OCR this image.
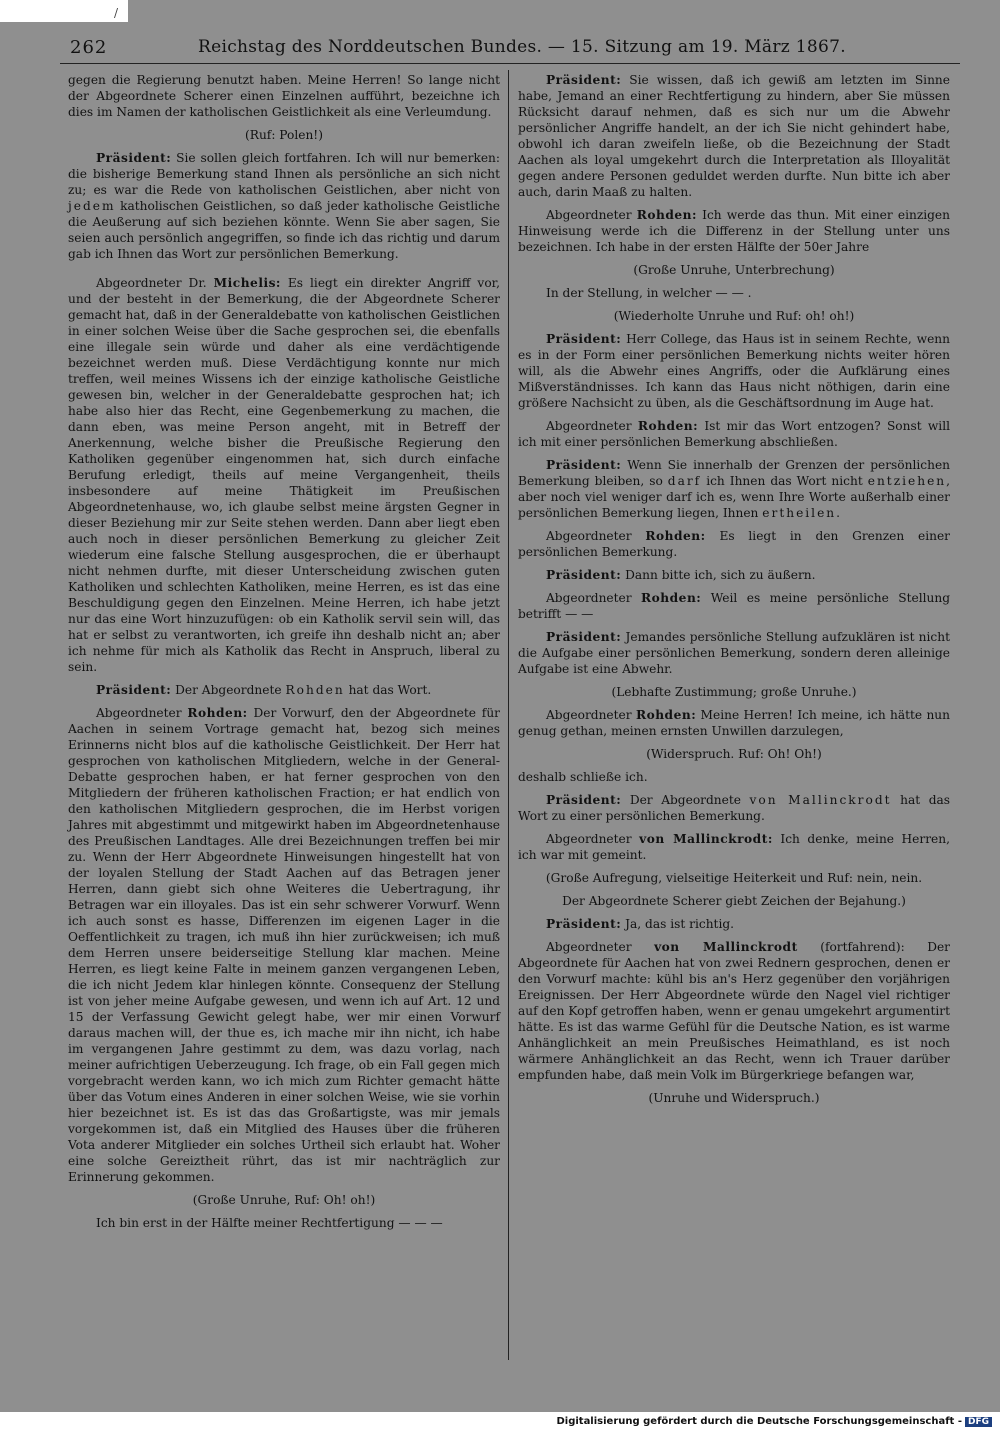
/
262	Reichstag des Norddeutschen Bundes. — 15. Sitzung am 19. März 1867.

gegen die Regierung benutzt haben. Meine Herren! So lange nicht der Abgeordnete Scherer einen Einzelnen aufführt, bezeichne ich dies im Namen der katholischen Geistlichkeit als eine Verleumdung.

(Ruf: Polen!)

Präsident: Sie sollen gleich fortfahren. Ich will nur bemerken: die bisherige Bemerkung stand Ihnen als persönliche an sich nicht zu; es war die Rede von katholischen Geistlichen, aber nicht von jedem katholischen Geistlichen, so daß jeder katholische Geistliche die Aeußerung auf sich beziehen könnte. Wenn Sie aber sagen, Sie seien auch persönlich angegriffen, so finde ich das richtig und darum gab ich Ihnen das Wort zur persönlichen Bemerkung.

Abgeordneter Dr. Michelis: Es liegt ein direkter Angriff vor, und der besteht in der Bemerkung, die der Abgeordnete Scherer gemacht hat, daß in der Generaldebatte von katholischen Geistlichen in einer solchen Weise über die Sache gesprochen sei, die ebenfalls eine illegale sein würde und daher als eine verdächtigende bezeichnet werden muß. Diese Verdächtigung konnte nur mich treffen, weil meines Wissens ich der einzige katholische Geistliche gewesen bin, welcher in der Generaldebatte gesprochen hat; ich habe also hier das Recht, eine Gegenbemerkung zu machen, die dann eben, was meine Person angeht, mit in Betreff der Anerkennung, welche bisher die Preußische Regierung den Katholiken gegenüber eingenommen hat, sich durch einfache Berufung erledigt, theils auf meine Vergangenheit, theils insbesondere auf meine Thätigkeit im Preußischen Abgeordnetenhause, wo, ich glaube selbst meine ärgsten Gegner in dieser Beziehung mir zur Seite stehen werden. Dann aber liegt eben auch noch in dieser persönlichen Bemerkung zu gleicher Zeit wiederum eine falsche Stellung ausgesprochen, die er überhaupt nicht nehmen durfte, mit dieser Unterscheidung zwischen guten Katholiken und schlechten Katholiken, meine Herren, es ist das eine Beschuldigung gegen den Einzelnen. Meine Herren, ich habe jetzt nur das eine Wort hinzuzufügen: ob ein Katholik servil sein will, das hat er selbst zu verantworten, ich greife ihn deshalb nicht an; aber ich nehme für mich als Katholik das Recht in Anspruch, liberal zu sein.

Präsident: Der Abgeordnete Rohden hat das Wort.

Abgeordneter Rohden: Der Vorwurf, den der Abgeordnete für Aachen in seinem Vortrage gemacht hat, bezog sich meines Erinnerns nicht blos auf die katholische Geistlichkeit. Der Herr hat gesprochen von katholischen Mitgliedern, welche in der General-Debatte gesprochen haben, er hat ferner gesprochen von den Mitgliedern der früheren katholischen Fraction; er hat endlich von den katholischen Mitgliedern gesprochen, die im Herbst vorigen Jahres mit abgestimmt und mitgewirkt haben im Abgeordnetenhause des Preußischen Landtages. Alle drei Bezeichnungen treffen bei mir zu. Wenn der Herr Abgeordnete Hinweisungen hingestellt hat von der loyalen Stellung der Stadt Aachen auf das Betragen jener Herren, dann giebt sich ohne Weiteres die Uebertragung, ihr Betragen war ein illoyales. Das ist ein sehr schwerer Vorwurf. Wenn ich auch sonst es hasse, Differenzen im eigenen Lager in die Oeffentlichkeit zu tragen, ich muß ihn hier zurückweisen; ich muß dem Herren unsere beiderseitige Stellung klar machen. Meine Herren, es liegt keine Falte in meinem ganzen vergangenen Leben, die ich nicht Jedem klar hinlegen könnte. Consequenz der Stellung ist von jeher meine Aufgabe gewesen, und wenn ich auf Art. 12 und 15 der Verfassung Gewicht gelegt habe, wer mir einen Vorwurf daraus machen will, der thue es, ich mache mir ihn nicht, ich habe im vergangenen Jahre gestimmt zu dem, was dazu vorlag, nach meiner aufrichtigen Ueberzeugung. Ich frage, ob ein Fall gegen mich vorgebracht werden kann, wo ich mich zum Richter gemacht hätte über das Votum eines Anderen in einer solchen Weise, wie sie vorhin hier bezeichnet ist. Es ist das das Großartigste, was mir jemals vorgekommen ist, daß ein Mitglied des Hauses über die früheren Vota anderer Mitglieder ein solches Urtheil sich erlaubt hat. Woher eine solche Gereiztheit rührt, das ist mir nachträglich zur Erinnerung gekommen.

(Große Unruhe, Ruf: Oh! oh!)

Ich bin erst in der Hälfte meiner Rechtfertigung — — —

Präsident: Sie wissen, daß ich gewiß am letzten im Sinne habe, Jemand an einer Rechtfertigung zu hindern, aber Sie müssen Rücksicht darauf nehmen, daß es sich nur um die Abwehr persönlicher Angriffe handelt, an der ich Sie nicht gehindert habe, obwohl ich daran zweifeln ließe, ob die Bezeichnung der Stadt Aachen als loyal umgekehrt durch die Interpretation als Illoyalität gegen andere Personen geduldet werden durfte. Nun bitte ich aber auch, darin Maaß zu halten.

Abgeordneter Rohden: Ich werde das thun. Mit einer einzigen Hinweisung werde ich die Differenz in der Stellung unter uns bezeichnen. Ich habe in der ersten Hälfte der 50er Jahre

(Große Unruhe, Unterbrechung)

In der Stellung, in welcher — — .

(Wiederholte Unruhe und Ruf: oh! oh!)

Präsident: Herr College, das Haus ist in seinem Rechte, wenn es in der Form einer persönlichen Bemerkung nichts weiter hören will, als die Abwehr eines Angriffs, oder die Aufklärung eines Mißverständnisses. Ich kann das Haus nicht nöthigen, darin eine größere Nachsicht zu üben, als die Geschäftsordnung im Auge hat.

Abgeordneter Rohden: Ist mir das Wort entzogen? Sonst will ich mit einer persönlichen Bemerkung abschließen.

Präsident: Wenn Sie innerhalb der Grenzen der persönlichen Bemerkung bleiben, so darf ich Ihnen das Wort nicht entziehen, aber noch viel weniger darf ich es, wenn Ihre Worte außerhalb einer persönlichen Bemerkung liegen, Ihnen ertheilen.

Abgeordneter Rohden: Es liegt in den Grenzen einer persönlichen Bemerkung.

Präsident: Dann bitte ich, sich zu äußern.

Abgeordneter Rohden: Weil es meine persönliche Stellung betrifft — —

Präsident: Jemandes persönliche Stellung aufzuklären ist nicht die Aufgabe einer persönlichen Bemerkung, sondern deren alleinige Aufgabe ist eine Abwehr.

(Lebhafte Zustimmung; große Unruhe.)

Abgeordneter Rohden: Meine Herren! Ich meine, ich hätte nun genug gethan, meinen ernsten Unwillen darzulegen,

(Widerspruch. Ruf: Oh! Oh!)

deshalb schließe ich.

Präsident: Der Abgeordnete von Mallinckrodt hat das Wort zu einer persönlichen Bemerkung.

Abgeordneter von Mallinckrodt: Ich denke, meine Herren, ich war mit gemeint.

(Große Aufregung, vielseitige Heiterkeit und Ruf: nein, nein.

Der Abgeordnete Scherer giebt Zeichen der Bejahung.)

Präsident: Ja, das ist richtig.

Abgeordneter von Mallinckrodt (fortfahrend): Der Abgeordnete für Aachen hat von zwei Rednern gesprochen, denen er den Vorwurf machte: kühl bis an's Herz gegenüber den vorjährigen Ereignissen. Der Herr Abgeordnete würde den Nagel viel richtiger auf den Kopf getroffen haben, wenn er genau umgekehrt argumentirt hätte. Es ist das warme Gefühl für die Deutsche Nation, es ist warme Anhänglichkeit an mein Preußisches Heimathland, es ist noch wärmere Anhänglichkeit an das Recht, wenn ich Trauer darüber empfunden habe, daß mein Volk im Bürgerkriege befangen war,

(Unruhe und Widerspruch.)

Digitalisierung gefördert durch die Deutsche Forschungsgemeinschaft - DFG
